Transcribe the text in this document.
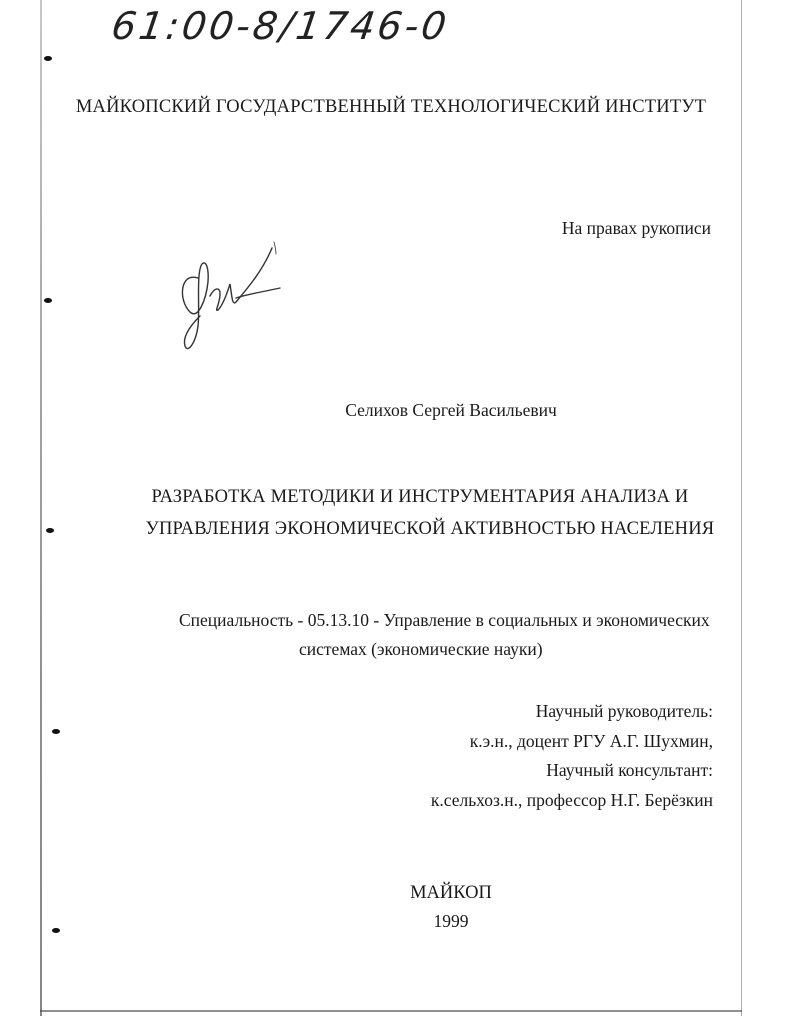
61:00-8/1746-0
МАЙКОПСКИЙ ГОСУДАРСТВЕННЫЙ ТЕХНОЛОГИЧЕСКИЙ ИНСТИТУТ
На правах рукописи
Селихов Сергей Васильевич
РАЗРАБОТКА МЕТОДИКИ И ИНСТРУМЕНТАРИЯ АНАЛИЗА И
УПРАВЛЕНИЯ ЭКОНОМИЧЕСКОЙ АКТИВНОСТЬЮ НАСЕЛЕНИЯ
Специальность - 05.13.10 - Управление в социальных и экономических
системах (экономические науки)
Научный руководитель:
к.э.н., доцент РГУ А.Г. Шухмин,
Научный консультант:
к.сельхоз.н., профессор Н.Г. Берёзкин
МАЙКОП
1999
